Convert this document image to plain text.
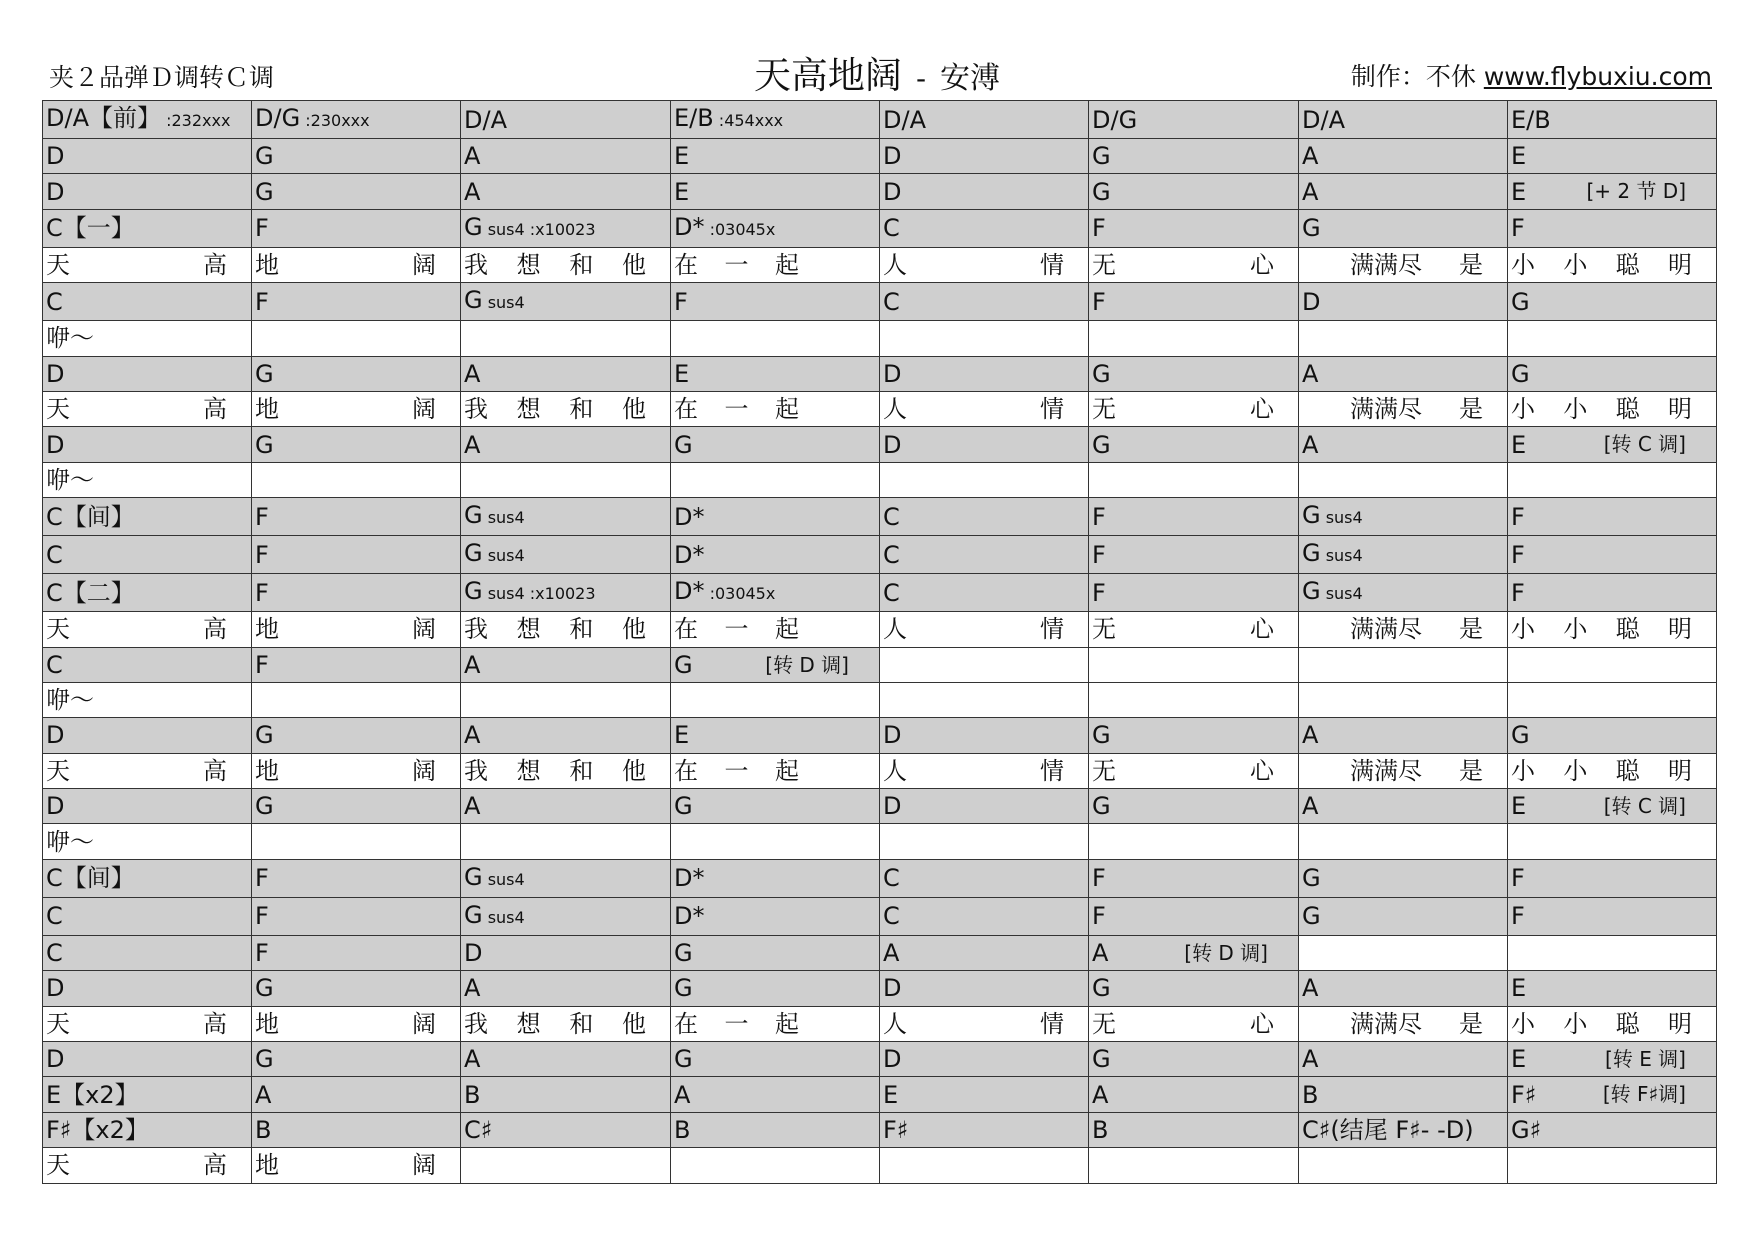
夹２品弹Ｄ调转Ｃ调	天高地阔 - 安溥	制作：不休 www.flybuxiu.com
D/A【前】 :232xxx	D/G :230xxx	D/A	E/B :454xxx	D/A	D/G	D/A	E/B
D	G	A	E	D	G	A	E
D	G	A	E	D	G	A	E [+ 2 节 D]

C【一】	F	G sus4 :x10023	D* :03045x	C	F	G	F

天 高	地 阔	我 想 和 他	在 一 起	人 情	无 心	满满尽 是	小 小 聪 明

C	F	G sus4	F	C	F	D	G
咿～							
D	G	A	E	D	G	A	G

天 高	地 阔	我 想 和 他	在 一 起	人 情	无 心	满满尽 是	小 小 聪 明

D	G	A	G	D	G	A	E [转 C 调]

咿～							
C【间】	F	G sus4	D*	C	F	G sus4	F
C	F	G sus4	D*	C	F	G sus4	F
C【二】	F	G sus4 :x10023	D* :03045x	C	F	G sus4	F

天 高	地 阔	我 想 和 他	在 一 起	人 情	无 心	满满尽 是	小 小 聪 明

C	F	A	G [转 D 调]				

咿～							
D	G	A	E	D	G	A	G

天 高	地 阔	我 想 和 他	在 一 起	人 情	无 心	满满尽 是	小 小 聪 明

D	G	A	G	D	G	A	E [转 C 调]

咿～							
C【间】	F	G sus4	D*	C	F	G	F
C	F	G sus4	D*	C	F	G	F
C	F	D	G	A	A [转 D 调]		

D	G	A	G	D	G	A	E

天 高	地 阔	我 想 和 他	在 一 起	人 情	无 心	满满尽 是	小 小 聪 明

D	G	A	G	D	G	A	E [转 E 调]

E【x2】	A	B	A	E	A	B	F♯ [转 F♯调]

F♯【x2】	B	C♯	B	F♯	B	C♯(结尾 F♯- -D)	G♯

天 高	地 阔						
